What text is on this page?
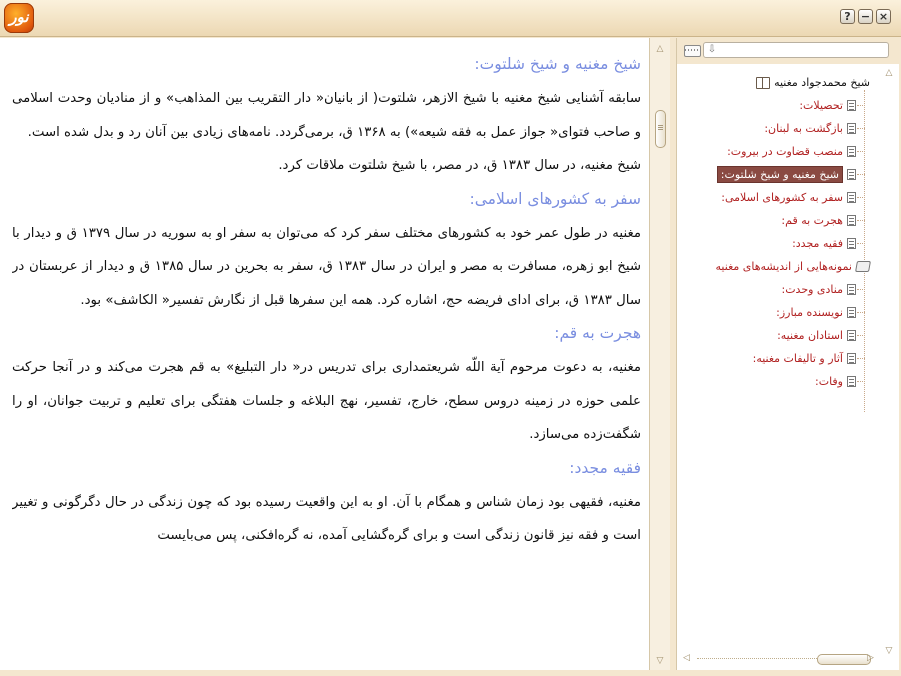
نور	? − ×
شیخ مغنیه و شیخ شلتوت:

سابقه آشنایی شیخ مغنیه با شیخ الازهر، شلتوت( از بانیان« دار التقریب بین المذاهب» و از منادیان وحدت اسلامی و صاحب فتوای« جواز عمل به فقه شیعه») به ۱۳۶۸ ق، برمی‌گردد. نامه‌های زیادی بین آنان رد و بدل شده است.

شیخ مغنیه، در سال ۱۳۸۳ ق، در مصر، با شیخ شلتوت ملاقات کرد.

سفر به کشورهای اسلامی:

مغنیه در طول عمر خود به کشورهای مختلف سفر کرد که می‌توان به سفر او به سوریه در سال ۱۳۷۹ ق و دیدار با شیخ ابو زهره، مسافرت به مصر و ایران در سال ۱۳۸۳ ق، سفر به بحرین در سال ۱۳۸۵ ق و دیدار از عربستان در سال ۱۳۸۳ ق، برای ادای فریضه حج، اشاره کرد. همه این سفرها قبل از نگارش تفسیر« الکاشف» بود.

هجرت به قم:

مغنیه، به دعوت مرحوم آیة اللّه شریعتمداری برای تدریس در« دار التبلیغ» به قم هجرت می‌کند و در آنجا حرکت علمی حوزه در زمینه دروس سطح، خارج، تفسیر، نهج البلاغه و جلسات هفتگی برای تعلیم و تربیت جوانان، او را شگفت‌زده می‌سازد.

فقیه مجدد:

مغنیه، فقیهی بود زمان شناس و همگام با آن. او به این واقعیت رسیده بود که چون زندگی در حال دگرگونی و تغییر است و فقه نیز قانون زندگی است و برای گره‌گشایی آمده، نه گره‌افکنی، پس می‌بایست

△
▽
⇩
شیخ محمدجواد مغنیه
تحصیلات:
بازگشت به لبنان:
منصب قضاوت در بیروت:
شیخ مغنیه و شیخ شلتوت:
سفر به کشورهای اسلامی:
هجرت به قم:
فقیه مجدد:
نمونه‌هایی از اندیشه‌های مغنیه
منادی وحدت:
نویسنده مبارز:
استادان مغنیه:
آثار و تالیفات مغنیه:
وفات:
△
▽
◁	▷
